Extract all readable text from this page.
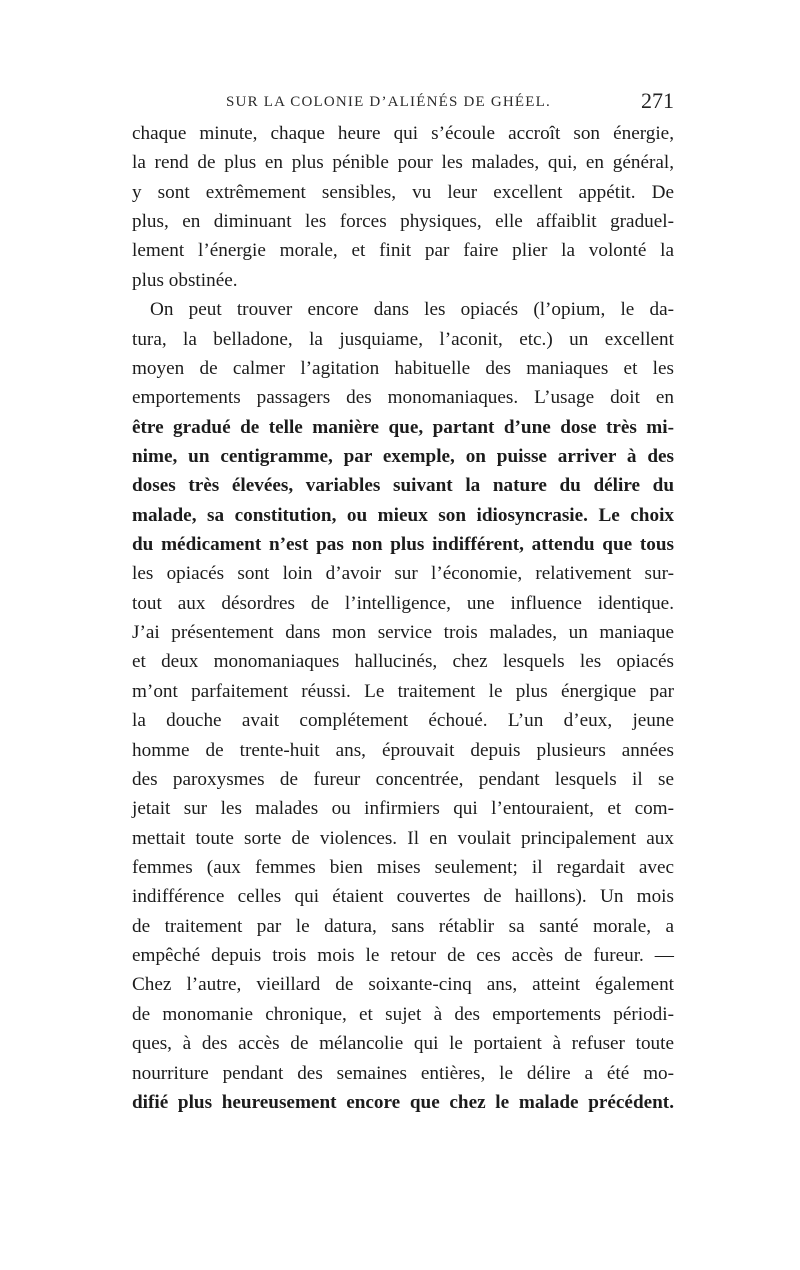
SUR LA COLONIE D’ALIÉNÉS DE GHÉEL.	271
chaque minute, chaque heure qui s’écoule accroît son énergie,
la rend de plus en plus pénible pour les malades, qui, en général,
y sont extrêmement sensibles, vu leur excellent appétit. De
plus, en diminuant les forces physiques, elle affaiblit graduel-
lement l’énergie morale, et finit par faire plier la volonté la
plus obstinée.
On peut trouver encore dans les opiacés (l’opium, le da-
tura, la belladone, la jusquiame, l’aconit, etc.) un excellent
moyen de calmer l’agitation habituelle des maniaques et les
emportements passagers des monomaniaques. L’usage doit en
être gradué de telle manière que, partant d’une dose très mi-
nime, un centigramme, par exemple, on puisse arriver à des
doses très élevées, variables suivant la nature du délire du
malade, sa constitution, ou mieux son idiosyncrasie. Le choix
du médicament n’est pas non plus indifférent, attendu que tous
les opiacés sont loin d’avoir sur l’économie, relativement sur-
tout aux désordres de l’intelligence, une influence identique.
J’ai présentement dans mon service trois malades, un maniaque
et deux monomaniaques hallucinés, chez lesquels les opiacés
m’ont parfaitement réussi. Le traitement le plus énergique par
la douche avait complétement échoué. L’un d’eux, jeune
homme de trente-huit ans, éprouvait depuis plusieurs années
des paroxysmes de fureur concentrée, pendant lesquels il se
jetait sur les malades ou infirmiers qui l’entouraient, et com-
mettait toute sorte de violences. Il en voulait principalement aux
femmes (aux femmes bien mises seulement; il regardait avec
indifférence celles qui étaient couvertes de haillons). Un mois
de traitement par le datura, sans rétablir sa santé morale, a
empêché depuis trois mois le retour de ces accès de fureur. —
Chez l’autre, vieillard de soixante-cinq ans, atteint également
de monomanie chronique, et sujet à des emportements périodi-
ques, à des accès de mélancolie qui le portaient à refuser toute
nourriture pendant des semaines entières, le délire a été mo-
difié plus heureusement encore que chez le malade précédent.
